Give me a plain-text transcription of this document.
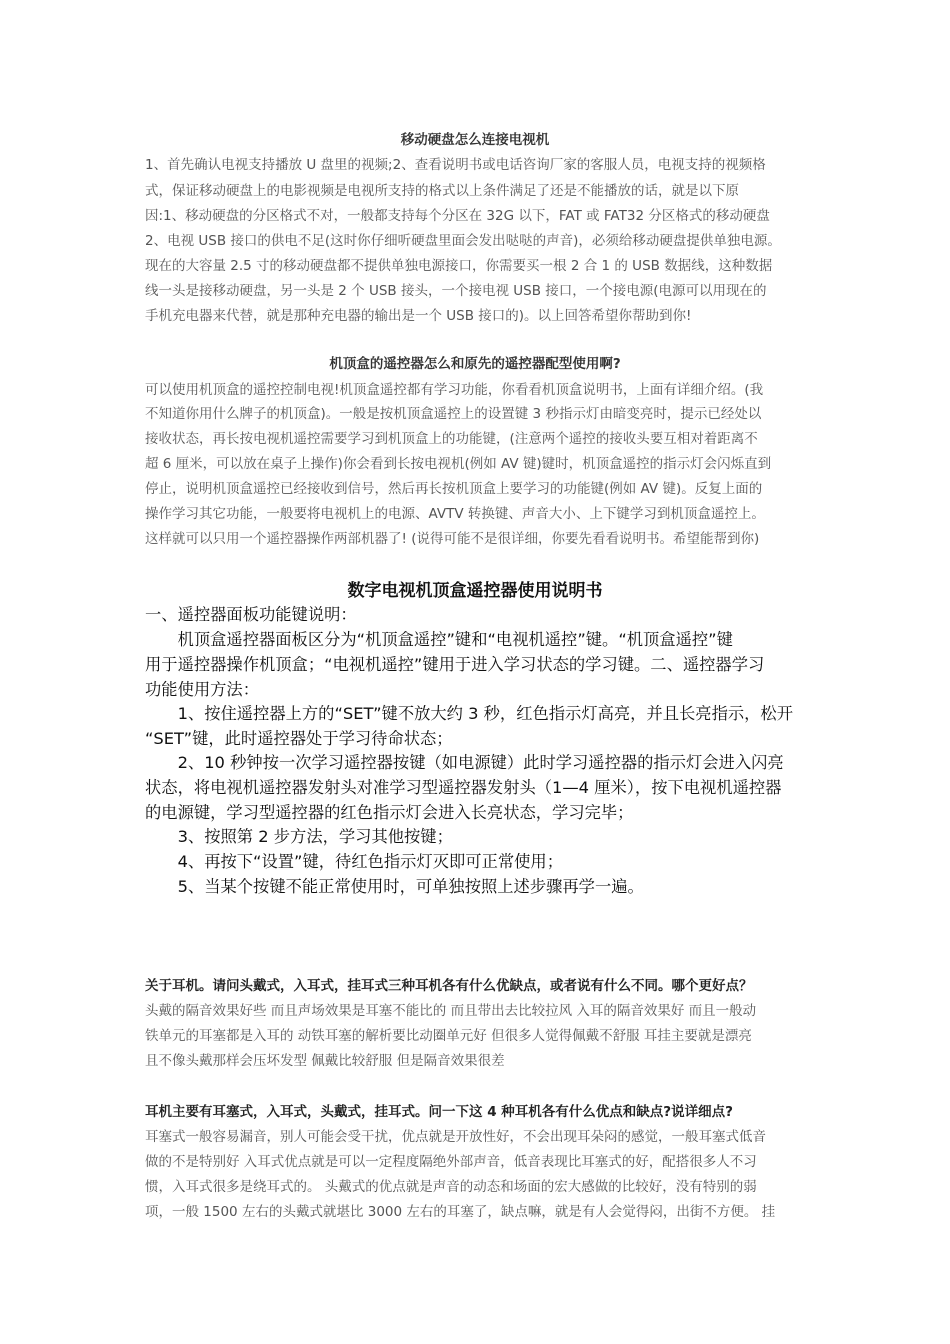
移动硬盘怎么连接电视机

1、首先确认电视支持播放 U 盘里的视频;2、查看说明书或电话咨询厂家的客服人员，电视支持的视频格

式，保证移动硬盘上的电影视频是电视所支持的格式以上条件满足了还是不能播放的话，就是以下原

因:1、移动硬盘的分区格式不对，一般都支持每个分区在 32G 以下，FAT 或 FAT32 分区格式的移动硬盘

2、电视 USB 接口的供电不足(这时你仔细听硬盘里面会发出哒哒的声音)，必须给移动硬盘提供单独电源。

现在的大容量 2.5 寸的移动硬盘都不提供单独电源接口，你需要买一根 2 合 1 的 USB 数据线，这种数据

线一头是接移动硬盘，另一头是 2 个 USB 接头，一个接电视 USB 接口，一个接电源(电源可以用现在的

手机充电器来代替，就是那种充电器的输出是一个 USB 接口的)。以上回答希望你帮助到你!

机顶盒的遥控器怎么和原先的遥控器配型使用啊?

可以使用机顶盒的遥控控制电视!机顶盒遥控都有学习功能，你看看机顶盒说明书，上面有详细介绍。(我

不知道你用什么牌子的机顶盒)。一般是按机顶盒遥控上的设置键 3 秒指示灯由暗变亮时，提示已经处以

接收状态，再长按电视机遥控需要学习到机顶盒上的功能键，(注意两个遥控的接收头要互相对着距离不

超 6 厘米，可以放在桌子上操作)你会看到长按电视机(例如 AV 键)键时，机顶盒遥控的指示灯会闪烁直到

停止，说明机顶盒遥控已经接收到信号，然后再长按机顶盒上要学习的功能键(例如 AV 键)。反复上面的

操作学习其它功能，一般要将电视机上的电源、AVTV 转换键、声音大小、上下键学习到机顶盒遥控上。

这样就可以只用一个遥控器操作两部机器了! (说得可能不是很详细，你要先看看说明书。希望能帮到你)

数字电视机顶盒遥控器使用说明书

一、遥控器面板功能键说明：

　　机顶盒遥控器面板区分为“机顶盒遥控”键和“电视机遥控”键。“机顶盒遥控”键

用于遥控器操作机顶盒；“电视机遥控”键用于进入学习状态的学习键。二、遥控器学习

功能使用方法：

　　1、按住遥控器上方的“SET”键不放大约 3 秒，红色指示灯高亮，并且长亮指示，松开

“SET”键，此时遥控器处于学习待命状态；

　　2、10 秒钟按一次学习遥控器按键（如电源键）此时学习遥控器的指示灯会进入闪亮

状态，将电视机遥控器发射头对准学习型遥控器发射头（1—4 厘米），按下电视机遥控器

的电源键，学习型遥控器的红色指示灯会进入长亮状态，学习完毕；

　　3、按照第 2 步方法，学习其他按键；

　　4、再按下“设置”键，待红色指示灯灭即可正常使用；

　　5、当某个按键不能正常使用时，可单独按照上述步骤再学一遍。

关于耳机。请问头戴式，入耳式，挂耳式三种耳机各有什么优缺点，或者说有什么不同。哪个更好点？

头戴的隔音效果好些 而且声场效果是耳塞不能比的 而且带出去比较拉风 入耳的隔音效果好 而且一般动

铁单元的耳塞都是入耳的 动铁耳塞的解析要比动圈单元好 但很多人觉得佩戴不舒服 耳挂主要就是漂亮

且不像头戴那样会压坏发型 佩戴比较舒服 但是隔音效果很差

耳机主要有耳塞式，入耳式，头戴式，挂耳式。问一下这 4 种耳机各有什么优点和缺点?说详细点?

耳塞式一般容易漏音，别人可能会受干扰，优点就是开放性好，不会出现耳朵闷的感觉，一般耳塞式低音

做的不是特别好 入耳式优点就是可以一定程度隔绝外部声音，低音表现比耳塞式的好，配搭很多人不习

惯，入耳式很多是绕耳式的。 头戴式的优点就是声音的动态和场面的宏大感做的比较好，没有特别的弱

项，一般 1500 左右的头戴式就堪比 3000 左右的耳塞了，缺点嘛，就是有人会觉得闷，出街不方便。 挂
